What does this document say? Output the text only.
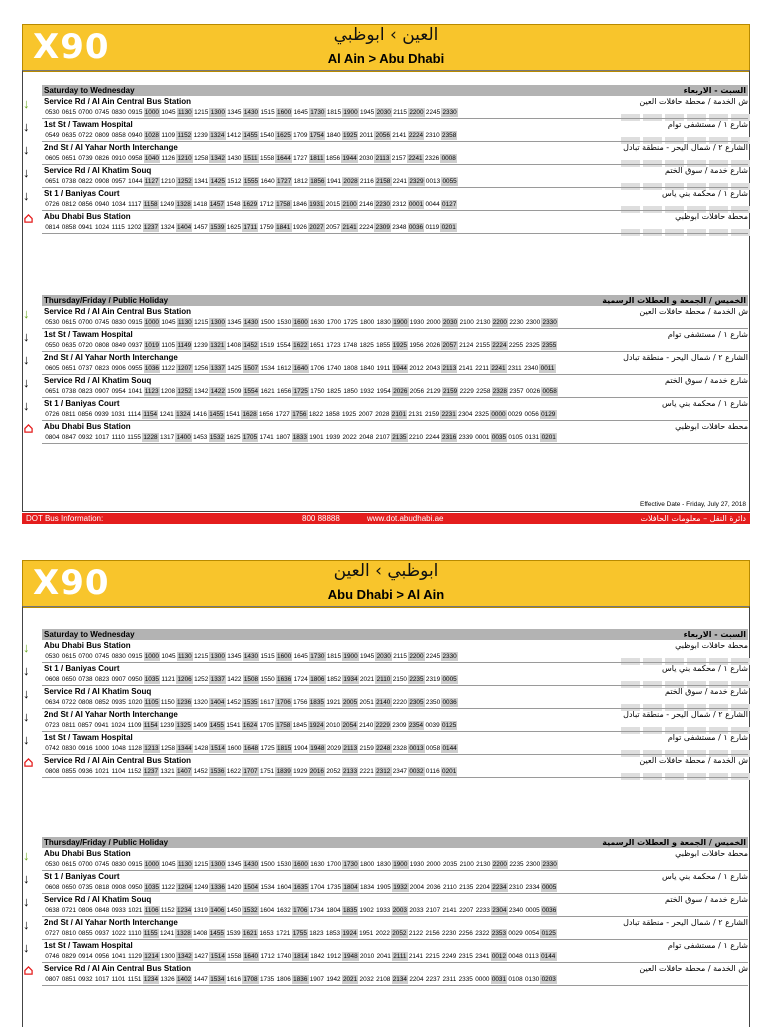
X90	العين › ابوظبي
Al Ain > Abu Dhabi
Saturday to Wednesday	السبت - الاربعاء
↓ Service Rd / Al Ain Central Bus Station	ش الخدمة / محطة حافلات العين
0530 0615 0700 0745 0830 0915 1000 1045 1130 1215 1300 1345 1430 1515 1600 1645 1730 1815 1900 1945 2030 2115 2200 2245 2330
↓ 1st St / Tawam Hospital	شارع ١ / مستشفى توام
0549 0635 0722 0809 0858 0940 1028 1109 1152 1239 1324 1412 1455 1540 1625 1709 1754 1840 1925 2011 2056 2141 2224 2310 2358
↓ 2nd St / Al Yahar North Interchange	الشارع ٢ / شمال اليحر - منطقة تبادل
0605 0651 0739 0826 0910 0958 1040 1126 1210 1258 1342 1430 1511 1558 1644 1727 1811 1856 1944 2030 2113 2157 2241 2326 0008
↓ Service Rd / Al Khatim Souq	شارع خدمة / سوق الختم
0651 0738 0822 0908 0957 1044 1127 1210 1252 1341 1425 1512 1555 1640 1727 1812 1856 1941 2028 2116 2158 2241 2329 0013 0055
↓ St 1 / Baniyas Court	شارع ١ / محكمة بني ياس
0726 0812 0856 0940 1034 1117 1158 1249 1328 1418 1457 1548 1629 1712 1758 1846 1931 2015 2100 2146 2230 2312 0001 0044 0127
Abu Dhabi Bus Station	محطة حافلات ابوظبي
0814 0858 0941 1024 1115 1202 1237 1324 1404 1457 1539 1625 1711 1759 1841 1926 2027 2057 2141 2224 2309 2348 0036 0119 0201
Thursday/Friday / Public Holiday	الخميس / الجمعة و العطلات الرسمية
↓ Service Rd / Al Ain Central Bus Station	ش الخدمة / محطة حافلات العين
0530 0615 0700 0745 0830 0915 1000 1045 1130 1215 1300 1345 1430 1500 1530 1600 1630 1700 1725 1800 1830 1900 1930 2000 2030 2100 2130 2200 2230 2300 2330
↓ 1st St / Tawam Hospital	شارع ١ / مستشفى توام
0550 0635 0720 0808 0849 0937 1019 1105 1149 1239 1321 1408 1452 1519 1554 1622 1651 1723 1748 1825 1855 1925 1956 2026 2057 2124 2155 2224 2255 2325 2355
↓ 2nd St / Al Yahar North Interchange	الشارع ٢ / شمال اليحر - منطقة تبادل
0605 0651 0737 0823 0906 0955 1036 1122 1207 1256 1337 1425 1507 1534 1612 1640 1706 1740 1808 1840 1911 1944 2012 2043 2113 2141 2211 2241 2311 2340 0011
↓ Service Rd / Al Khatim Souq	شارع خدمة / سوق الختم
0651 0738 0823 0907 0954 1041 1123 1208 1252 1342 1422 1509 1554 1621 1656 1725 1750 1825 1850 1932 1954 2026 2056 2129 2159 2229 2258 2328 2357 0026 0058
↓ St 1 / Baniyas Court	شارع ١ / محكمة بني ياس
0726 0811 0856 0939 1031 1114 1154 1241 1324 1416 1455 1541 1628 1656 1727 1756 1822 1858 1925 2007 2028 2101 2131 2159 2231 2304 2325 0000 0029 0056 0129
Abu Dhabi Bus Station	محطة حافلات ابوظبي
0804 0847 0932 1017 1110 1155 1228 1317 1400 1453 1532 1625 1705 1741 1807 1833 1901 1939 2022 2048 2107 2135 2210 2244 2316 2339 0001 0035 0105 0131 0201
Effective Date - Friday, July 27, 2018
DOT Bus Information:	800 88888	www.dot.abudhabi.ae	دائرة النقل – معلومات الحافلات
X90	ابوظبي › العين
Abu Dhabi > Al Ain
Saturday to Wednesday	السبت - الاربعاء
↓ Abu Dhabi Bus Station	محطة حافلات ابوظبي
0530 0615 0700 0745 0830 0915 1000 1045 1130 1215 1300 1345 1430 1515 1600 1645 1730 1815 1900 1945 2030 2115 2200 2245 2330
↓ St 1 / Baniyas Court	شارع ١ / محكمة بني ياس
0608 0650 0738 0823 0907 0950 1035 1121 1206 1252 1337 1422 1508 1550 1636 1724 1806 1852 1934 2021 2110 2150 2235 2319 0005
↓ Service Rd / Al Khatim Souq	شارع خدمة / سوق الختم
0634 0722 0808 0852 0935 1020 1105 1150 1236 1320 1404 1452 1535 1617 1706 1756 1835 1921 2005 2051 2140 2220 2305 2350 0036
↓ 2nd St / Al Yahar North Interchange	الشارع ٢ / شمال اليحر - منطقة تبادل
0723 0811 0857 0941 1024 1109 1154 1239 1325 1409 1455 1541 1624 1705 1758 1845 1924 2010 2054 2140 2229 2309 2354 0039 0125
↓ 1st St / Tawam Hospital	شارع ١ / مستشفى توام
0742 0830 0916 1000 1048 1128 1213 1258 1344 1428 1514 1600 1648 1725 1815 1904 1948 2029 2113 2159 2248 2328 0013 0058 0144
Service Rd / Al Ain Central Bus Station	ش الخدمة / محطة حافلات العين
0808 0855 0936 1021 1104 1152 1237 1321 1407 1452 1536 1622 1707 1751 1839 1929 2016 2052 2133 2221 2312 2347 0032 0116 0201
Thursday/Friday / Public Holiday	الخميس / الجمعة و العطلات الرسمية
↓ Abu Dhabi Bus Station	محطة حافلات ابوظبي
0530 0615 0700 0745 0830 0915 1000 1045 1130 1215 1300 1345 1430 1500 1530 1600 1630 1700 1730 1800 1830 1900 1930 2000 2035 2100 2130 2200 2235 2300 2330
↓ St 1 / Baniyas Court	شارع ١ / محكمة بني ياس
0608 0650 0735 0818 0908 0950 1035 1122 1204 1249 1336 1420 1504 1534 1604 1635 1704 1735 1804 1834 1905 1932 2004 2036 2110 2135 2204 2234 2310 2334 0005
↓ Service Rd / Al Khatim Souq	شارع خدمة / سوق الختم
0638 0721 0806 0848 0933 1021 1106 1152 1234 1319 1406 1450 1532 1604 1632 1706 1734 1804 1835 1902 1933 2003 2033 2107 2141 2207 2233 2304 2340 0005 0036
↓ 2nd St / Al Yahar North Interchange	الشارع ٢ / شمال اليحر - منطقة تبادل
0727 0810 0855 0937 1022 1110 1155 1241 1328 1408 1455 1539 1621 1653 1721 1755 1823 1853 1924 1951 2022 2052 2122 2156 2230 2256 2322 2353 0029 0054 0125
↓ 1st St / Tawam Hospital	شارع ١ / مستشفى توام
0746 0829 0914 0956 1041 1129 1214 1300 1342 1427 1514 1558 1640 1712 1740 1814 1842 1912 1948 2010 2041 2111 2141 2215 2249 2315 2341 0012 0048 0113 0144
Service Rd / Al Ain Central Bus Station	ش الخدمة / محطة حافلات العين
0807 0851 0932 1017 1101 1151 1234 1326 1402 1447 1534 1616 1708 1735 1806 1836 1907 1942 2021 2032 2108 2134 2204 2237 2311 2335 0000 0031 0108 0130 0203
